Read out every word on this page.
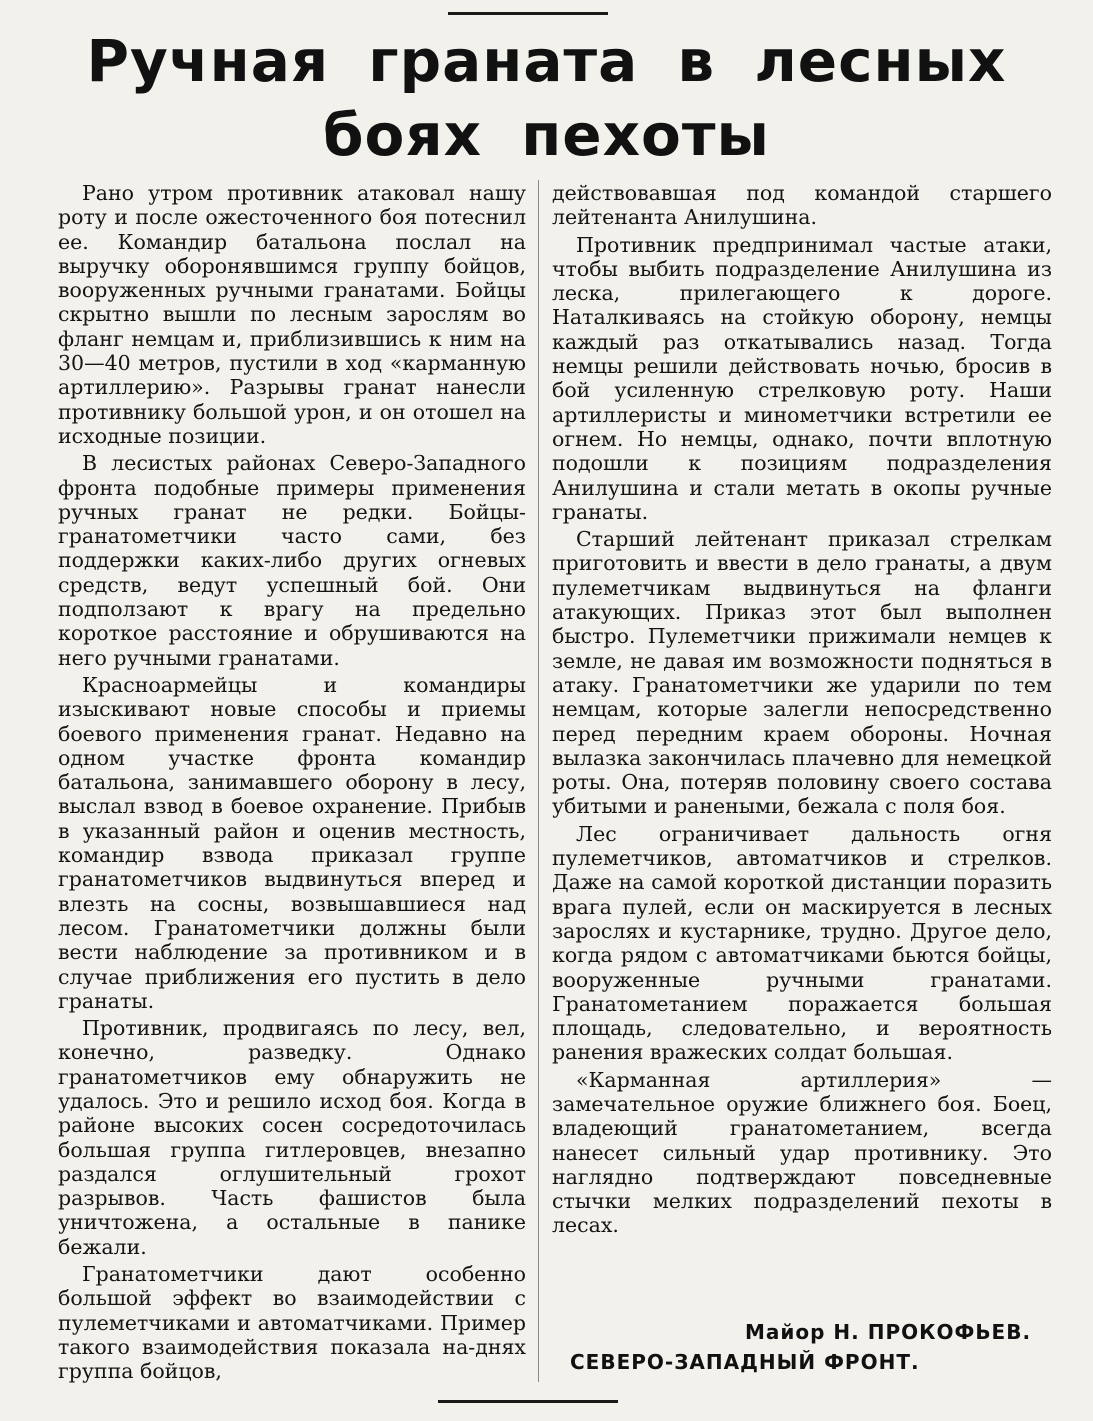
Ручная граната в лесных
боях пехоты

Рано утром противник атаковал нашу роту и после ожесточенного боя потеснил ее. Командир батальона послал на выручку оборонявшимся группу бойцов, вооруженных ручными гранатами. Бойцы скрытно вышли по лесным зарослям во фланг немцам и, приблизившись к ним на 30—40 метров, пустили в ход «карманную артиллерию». Разрывы гранат нанесли противнику большой урон, и он отошел на исходные позиции.

В лесистых районах Северо-Западного фронта подобные примеры применения ручных гранат не редки. Бойцы-гранатометчики часто сами, без поддержки каких-либо других огневых средств, ведут успешный бой. Они подползают к врагу на предельно короткое расстояние и обрушиваются на него ручными гранатами.

Красноармейцы и командиры изыскивают новые способы и приемы боевого применения гранат. Недавно на одном участке фронта командир батальона, занимавшего оборону в лесу, выслал взвод в боевое охранение. Прибыв в указанный район и оценив местность, командир взвода приказал группе гранатометчиков выдвинуться вперед и влезть на сосны, возвышавшиеся над лесом. Гранатометчики должны были вести наблюдение за противником и в случае приближения его пустить в дело гранаты.

Противник, продвигаясь по лесу, вел, конечно, разведку. Однако гранатометчиков ему обнаружить не удалось. Это и решило исход боя. Когда в районе высоких сосен сосредоточилась большая группа гитлеровцев, внезапно раздался оглушительный грохот разрывов. Часть фашистов была уничтожена, а остальные в панике бежали.

Гранатометчики дают особенно большой эффект во взаимодействии с пулеметчиками и автоматчиками. Пример такого взаимодействия показала на-днях группа бойцов,

действовавшая под командой старшего лейтенанта Анилушина.

Противник предпринимал частые атаки, чтобы выбить подразделение Анилушина из леска, прилегающего к дороге. Наталкиваясь на стойкую оборону, немцы каждый раз откатывались назад. Тогда немцы решили действовать ночью, бросив в бой усиленную стрелковую роту. Наши артиллеристы и минометчики встретили ее огнем. Но немцы, однако, почти вплотную подошли к позициям подразделения Анилушина и стали метать в окопы ручные гранаты.

Старший лейтенант приказал стрелкам приготовить и ввести в дело гранаты, а двум пулеметчикам выдвинуться на фланги атакующих. Приказ этот был выполнен быстро. Пулеметчики прижимали немцев к земле, не давая им возможности подняться в атаку. Гранатометчики же ударили по тем немцам, которые залегли непосредственно перед передним краем обороны. Ночная вылазка закончилась плачевно для немецкой роты. Она, потеряв половину своего состава убитыми и ранеными, бежала с поля боя.

Лес ограничивает дальность огня пулеметчиков, автоматчиков и стрелков. Даже на самой короткой дистанции поразить врага пулей, если он маскируется в лесных зарослях и кустарнике, трудно. Другое дело, когда рядом с автоматчиками бьются бойцы, вооруженные ручными гранатами. Гранатометанием поражается большая площадь, следовательно, и вероятность ранения вражеских солдат большая.

«Карманная артиллерия» — замечательное оружие ближнего боя. Боец, владеющий гранатометанием, всегда нанесет сильный удар противнику. Это наглядно подтверждают повседневные стычки мелких подразделений пехоты в лесах.

Майор Н. ПРОКОФЬЕВ.
СЕВЕРО-ЗАПАДНЫЙ ФРОНТ.
